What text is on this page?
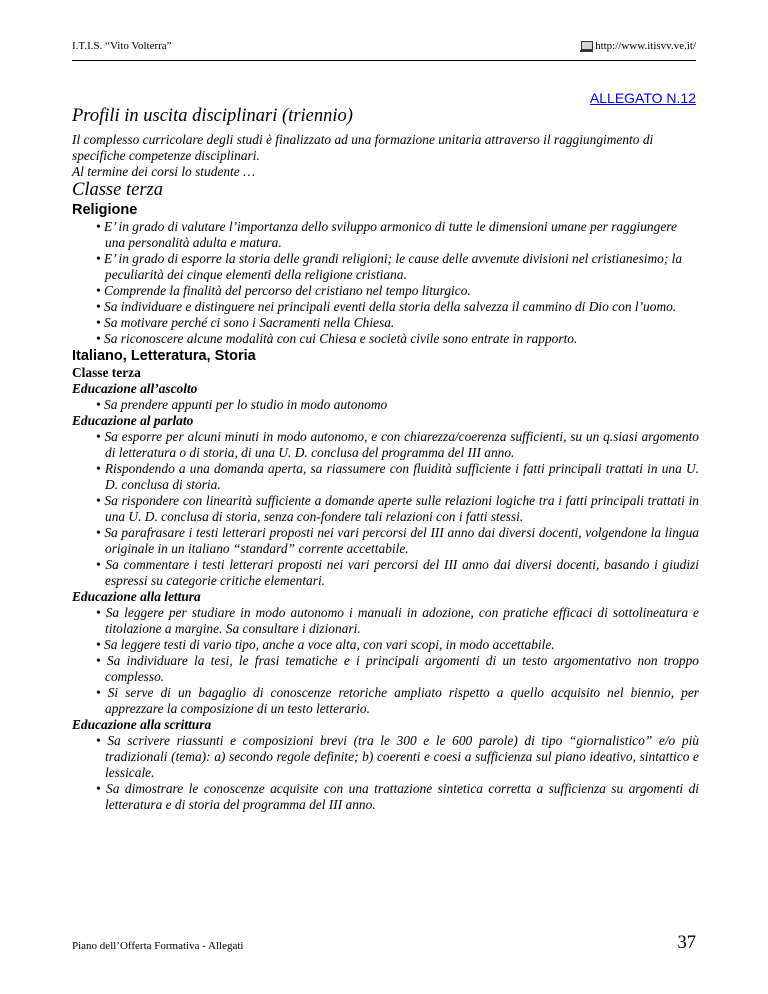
I.T.I.S. “Vito Volterra”	http://www.itisvv.ve.it/
ALLEGATO N.12
Profili in uscita disciplinari (triennio)

Il complesso curricolare degli studi è finalizzato ad una formazione unitaria attraverso il raggiungimento di specifiche competenze disciplinari.

Al termine dei corsi lo studente …

Classe terza
Religione
• E’ in grado di valutare l’importanza dello sviluppo armonico di tutte le dimensioni umane per raggiungere una personalità adulta e matura.
• E’ in grado di esporre la storia delle grandi religioni; le cause delle avvenute divisioni nel cristianesimo; la peculiarità dei cinque elementi della religione cristiana.
• Comprende la finalità del percorso del cristiano nel tempo liturgico.
• Sa individuare e distinguere nei principali eventi della storia della salvezza il cammino di Dio con l’uomo.
• Sa motivare perché ci sono i Sacramenti nella Chiesa.
• Sa riconoscere alcune modalità con cui Chiesa e società civile sono entrate in rapporto.
Italiano, Letteratura, Storia

Classe terza

Educazione all’ascolto

• Sa prendere appunti per lo studio in modo autonomo

Educazione al parlato

• Sa esporre per alcuni minuti in modo autonomo, e con chiarezza/coerenza sufficienti, su un q.siasi argomento di letteratura o di storia, di una U. D. conclusa del programma del III anno.
• Rispondendo a una domanda aperta, sa riassumere con fluidità sufficiente i fatti principali trattati in una U. D. conclusa di storia.
• Sa rispondere con linearità sufficiente a domande aperte sulle relazioni logiche tra i fatti principali trattati in una U. D. conclusa di storia, senza con-fondere tali relazioni con i fatti stessi.
• Sa parafrasare i testi letterari proposti nei vari percorsi del III anno dai diversi docenti, volgendone la lingua originale in un italiano “standard” corrente accettabile.
• Sa commentare i testi letterari proposti nei vari percorsi del III anno dai diversi docenti, basando i giudizi espressi su categorie critiche elementari.

Educazione alla lettura

• Sa leggere per studiare in modo autonomo i manuali in adozione, con pratiche efficaci di sottolineatura e titolazione a margine. Sa consultare i dizionari.
• Sa leggere testi di vario tipo, anche a voce alta, con vari scopi, in modo accettabile.
• Sa individuare la tesi, le frasi tematiche e i principali argomenti di un testo argomentativo non troppo complesso.
• Si serve di un bagaglio di conoscenze retoriche ampliato rispetto a quello acquisito nel biennio, per apprezzare la composizione di un testo letterario.

Educazione alla scrittura

• Sa scrivere riassunti e composizioni brevi (tra le 300 e le 600 parole) di tipo “giornalistico” e/o più tradizionali (tema): a) secondo regole definite; b) coerenti e coesi a sufficienza sul piano ideativo, sintattico e lessicale.
• Sa dimostrare le conoscenze acquisite con una trattazione sintetica corretta a sufficienza su argomenti di letteratura e di storia del programma del III anno.
Piano dell’Offerta Formativa - Allegati	37
